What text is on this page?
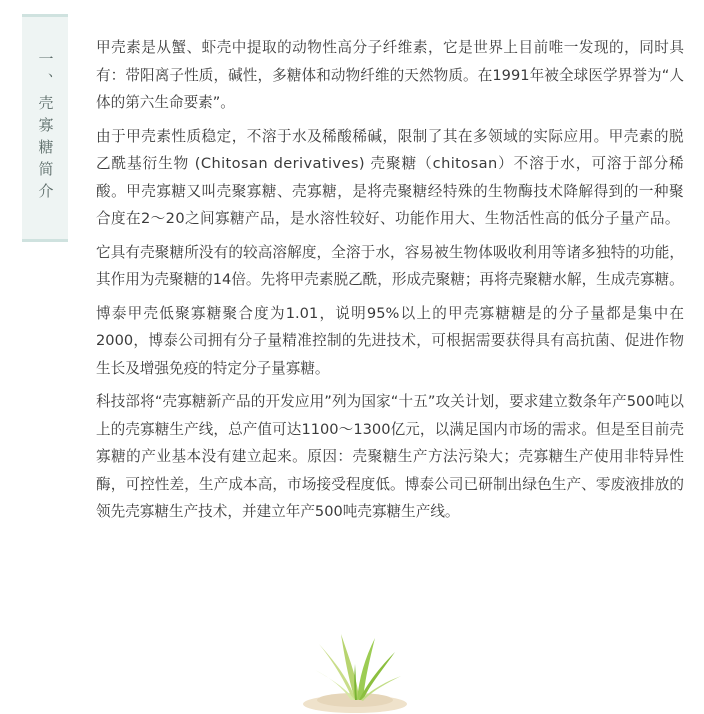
一、壳寡糖简介

甲壳素是从蟹、虾壳中提取的动物性高分子纤维素，它是世界上目前唯一发现的，同时具有：带阳离子性质，碱性，多糖体和动物纤维的天然物质。在1991年被全球医学界誉为“人体的第六生命要素”。

由于甲壳素性质稳定，不溶于水及稀酸稀碱，限制了其在多领域的实际应用。甲壳素的脱乙酰基衍生物 (Chitosan derivatives) 壳聚糖（chitosan）不溶于水，可溶于部分稀酸。甲壳寡糖又叫壳聚寡糖、壳寡糖，是将壳聚糖经特殊的生物酶技术降解得到的一种聚合度在2～20之间寡糖产品，是水溶性较好、功能作用大、生物活性高的低分子量产品。

它具有壳聚糖所没有的较高溶解度，全溶于水，容易被生物体吸收利用等诸多独特的功能，其作用为壳聚糖的14倍。先将甲壳素脱乙酰，形成壳聚糖；再将壳聚糖水解，生成壳寡糖。

博泰甲壳低聚寡糖聚合度为1.01，说明95%以上的甲壳寡糖糖是的分子量都是集中在2000，博泰公司拥有分子量精准控制的先进技术，可根据需要获得具有高抗菌、促进作物生长及增强免疫的特定分子量寡糖。

科技部将“壳寡糖新产品的开发应用”列为国家“十五”攻关计划，要求建立数条年产500吨以上的壳寡糖生产线，总产值可达1100～1300亿元，以满足国内市场的需求。但是至目前壳寡糖的产业基本没有建立起来。原因：壳聚糖生产方法污染大；壳寡糖生产使用非特异性酶，可控性差，生产成本高，市场接受程度低。博泰公司已研制出绿色生产、零废液排放的领先壳寡糖生产技术，并建立年产500吨壳寡糖生产线。
